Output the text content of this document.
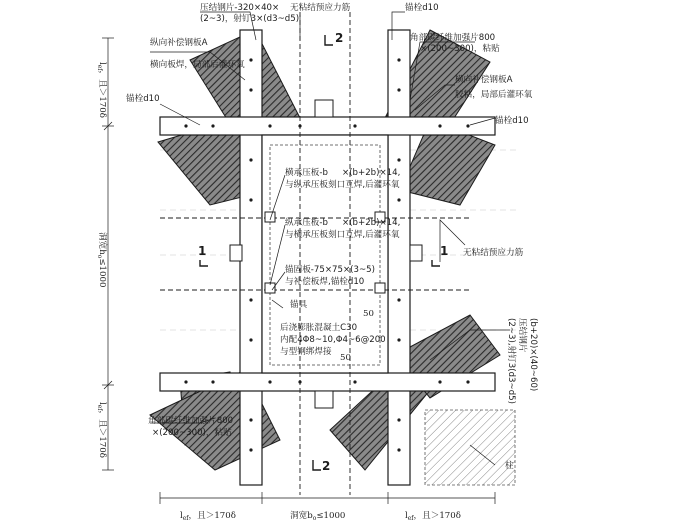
压结钢片-320×40×
(2~3)，射钉3×(d3~d5)
无粘结预应力筋	锚栓d10
角部碳纤维加强片800
×(200~300)，粘贴
纵向补偿钢板A
横向板焊，局部后灌环氧
横向补偿钢板A
胶粘，局部后灌环氧
锚栓d10
锚栓d10
横承压板-b ×(b+2b)×14,
与纵承压板刻口互焊,后灌环氧
纵承压板-b ×(b+2b)×14,
与横承压板刻口互焊,后灌环氧
无粘结预应力筋
锚固板-75×75×(3~5)
与补偿板焊,锚栓d10
锚具
50
50
后浇膨胀混凝土C30
内配4Φ8~10,Φ4~6@200
与型钢绑焊接	压结钢片 (b+20)×(40~60)
(2~3),射钉3(d3~d5)
角部碳纤维加强片800
×(200~300)，粘贴
柱
1	1
2
2
$l_{ef}$，且＞170δ
洞宽$h_o\le 1000$
$l_{ef}$，且＞170δ
$l_{ef}$，且＞170δ	洞宽$b_o\le 1000$	$l_{ef}$，且＞170δ
